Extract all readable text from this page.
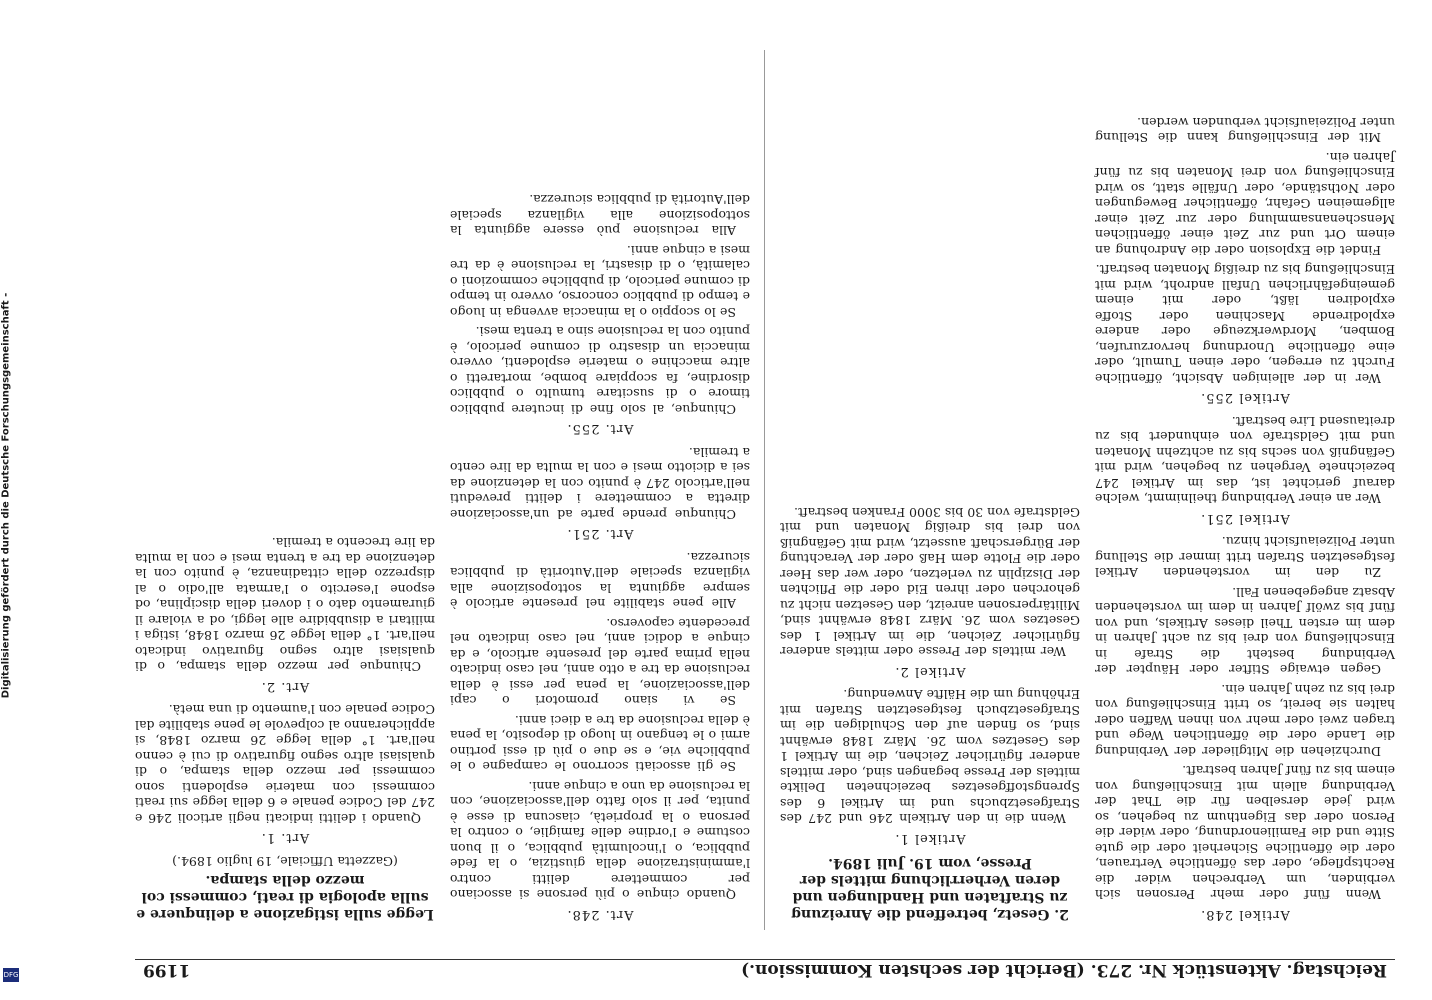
Digitalisierung gefördert durch die Deutsche Forschungsgemeinschaft -
DFG	Reichstag. Aktenstück Nr. 273. (Bericht der sechsten Kommission.)
1199
Artikel 248.

Wenn fünf oder mehr Personen sich verbinden, um Verbrechen wider die Rechtspflege, oder das öffentliche Vertrauen, oder die öffentliche Sicherheit oder die gute Sitte und die Familienordnung, oder wider die Person oder das Eigenthum zu begehen, so wird jede derselben für die That der Verbindung allein mit Einschließung von einem bis zu fünf Jahren bestraft.

Durchziehen die Mitglieder der Verbindung die Lande oder die öffentlichen Wege und tragen zwei oder mehr von ihnen Waffen oder halten sie bereit, so tritt Einschließung von drei bis zu zehn Jahren ein.

Gegen etwaige Stifter oder Häupter der Verbindung besteht die Strafe in Einschließung von drei bis zu acht Jahren in dem im ersten Theil dieses Artikels, und von fünf bis zwölf Jahren in dem im vorstehenden Absatz angegebenen Fall.

Zu den im vorstehenden Artikel festgesetzten Strafen tritt immer die Stellung unter Polizeiaufsicht hinzu.

Artikel 251.

Wer an einer Verbindung theilnimmt, welche darauf gerichtet ist, das im Artikel 247 bezeichnete Vergehen zu begehen, wird mit Gefängniß von sechs bis zu achtzehn Monaten und mit Geldstrafe von einhundert bis zu dreitausend Lire bestraft.

Artikel 255.

Wer in der alleinigen Absicht, öffentliche Furcht zu erregen, oder einen Tumult, oder eine öffentliche Unordnung hervorzurufen, Bomben, Mordwerkzeuge oder andere explodirende Maschinen oder Stoffe explodiren läßt, oder mit einem gemeingefährlichen Unfall androht, wird mit Einschließung bis zu dreißig Monaten bestraft.

Findet die Explosion oder die Androhung an einem Ort und zur Zeit einer öffentlichen Menschenansammlung oder zur Zeit einer allgemeinen Gefahr, öffentlicher Bewegungen oder Nothstände, oder Unfälle statt, so wird Einschließung von drei Monaten bis zu fünf Jahren ein.

Mit der Einschließung kann die Stellung unter Polizeiaufsicht verbunden werden.

2. Gesetz, betreffend die Anreizung zu Straftaten und Handlungen und deren Verherrlichung mittels der Presse, vom 19. Juli 1894.
Artikel 1.

Wenn die in den Artikeln 246 und 247 des Strafgesetzbuchs und im Artikel 6 des Sprengstoffgesetzes bezeichneten Delikte mittels der Presse begangen sind, oder mittels anderer figürlicher Zeichen, die im Artikel 1 des Gesetzes vom 26. März 1848 erwähnt sind, so finden auf den Schuldigen die im Strafgesetzbuch festgesetzten Strafen mit Erhöhung um die Hälfte Anwendung.

Artikel 2.

Wer mittels der Presse oder mittels anderer figürlicher Zeichen, die im Artikel 1 des Gesetzes vom 26. März 1848 erwähnt sind, Militärpersonen anreizt, den Gesetzen nicht zu gehorchen oder ihren Eid oder die Pflichten der Disziplin zu verletzen, oder wer das Heer oder die Flotte dem Haß oder der Verachtung der Bürgerschaft aussetzt, wird mit Gefängniß von drei bis dreißig Monaten und mit Geldstrafe von 30 bis 3000 Franken bestraft.

Art. 248.

Quando cinque o più persone si associano per commettere delitti contro l'amministrazione della giustizia, o la fede pubblica, o l'incolumità pubblica, o il buon costume e l'ordine delle famiglie, o contro la persona o la proprietà, ciascuna di esse è punita, per il solo fatto dell'associazione, con la reclusione da uno a cinque anni.

Se gli associati scorrono le campagne o le pubbliche vie, e se due o più di essi portino armi o le tengano in luogo di deposito, la pena è della reclusione da tre a dieci anni.

Se vi siano promotori o capi dell'associazione, la pena per essi è della reclusione da tre a otto anni, nel caso indicato nella prima parte del presente articolo, e da cinque a dodici anni, nel caso indicato nel precedente capoverso.

Alle pene stabilite nel presente articolo è sempre aggiunta la sottoposizione alla vigilanza speciale dell'Autorità di pubblica sicurezza.

Art. 251.

Chiunque prende parte ad un'associazione diretta a commettere i delitti preveduti nell'articolo 247 è punito con la detenzione da sei a diciotto mesi e con la multa da lire cento a tremila.

Art. 255.

Chiunque, al solo fine di incutere pubblico timore o di suscitare tumulto o pubblico disordine, fa scoppiare bombe, mortaretti o altre macchine o materie esplodenti, ovvero minaccia un disastro di comune pericolo, è punito con la reclusione sino a trenta mesi.

Se lo scoppio o la minaccia avvenga in luogo e tempo di pubblico concorso, ovvero in tempo di comune pericolo, di pubbliche commozioni o calamità, o di disastri, la reclusione è da tre mesi a cinque anni.

Alla reclusione può essere aggiunta la sottoposizione alla vigilanza speciale dell'Autorità di pubblica sicurezza.

Legge sulla istigazione a delinquere e sulla apologia di reati, commessi col mezzo della stampa.
(Gazzetta Ufficiale, 19 luglio 1894.)
Art. 1.

Quando i delitti indicati negli articoli 246 e 247 del Codice penale e 6 della legge sui reati commessi con materie esplodenti sono commessi per mezzo della stampa, o di qualsiasi altro segno figurativo di cui è cenno nell'art. 1° della legge 26 marzo 1848, si applicheranno al colpevole le pene stabilite dal Codice penale con l'aumento di una metà.

Art. 2.

Chiunque per mezzo della stampa, o di qualsiasi altro segno figurativo indicato nell'art. 1° della legge 26 marzo 1848, istiga i militari a disubbidire alle leggi, od a violare il giuramento dato o i doveri della disciplina, od espone l'esercito o l'armata all'odio o al disprezzo della cittadinanza, è punito con la detenzione da tre a trenta mesi e con la multa da lire trecento a tremila.
